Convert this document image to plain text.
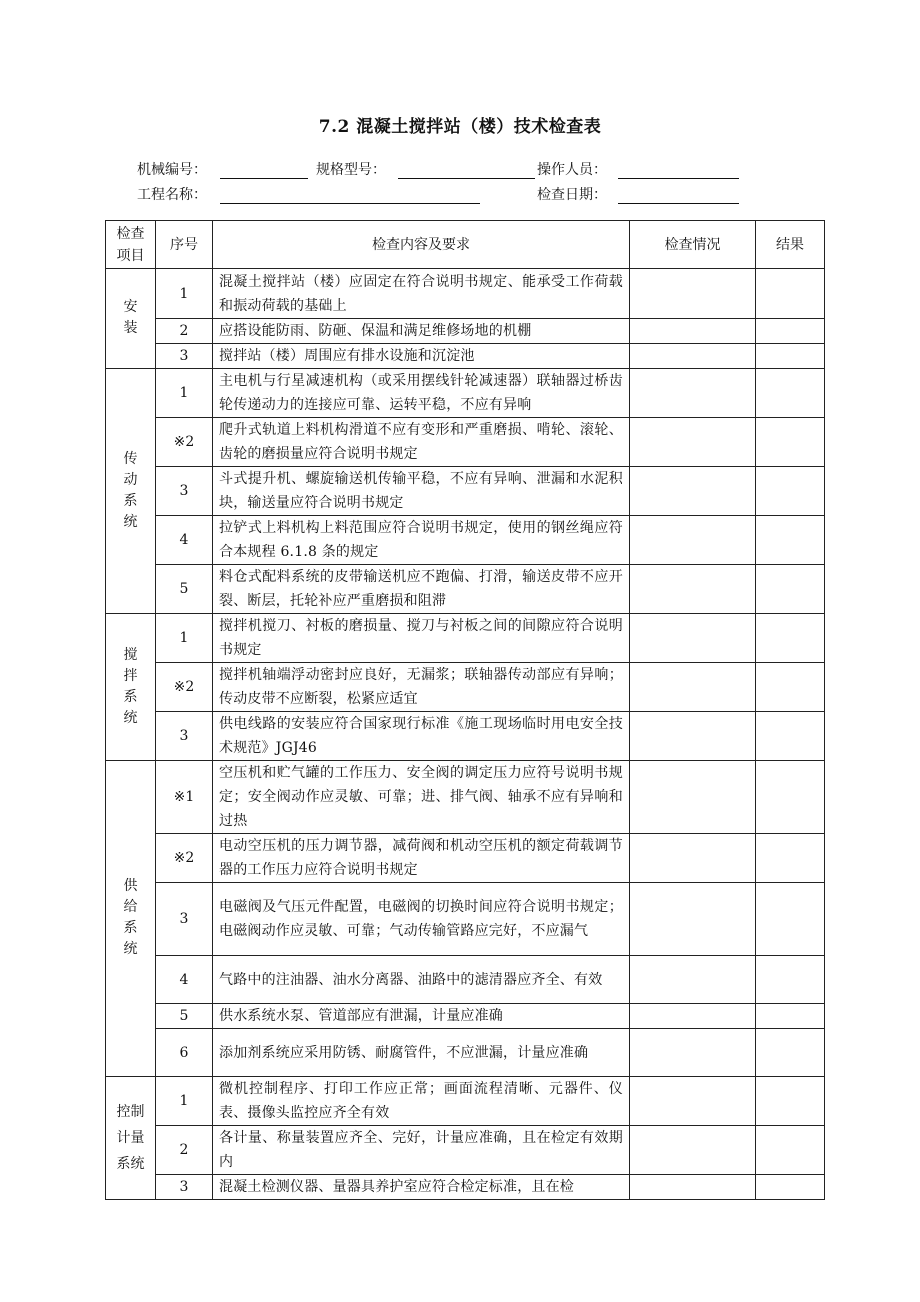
7.2 混凝土搅拌站（楼）技术检查表
机械编号：	规格型号：	操作人员：
工程名称：	检查日期：
检查项目	序号	检查内容及要求	检查情况	结果
安装	1	混凝土搅拌站（楼）应固定在符合说明书规定、能承受工作荷载和振动荷载的基础上		
	2	应搭设能防雨、防砸、保温和满足维修场地的机棚		
	3	搅拌站（楼）周围应有排水设施和沉淀池		
传动系统	1	主电机与行星减速机构（或采用摆线针轮减速器）联轴器过桥齿轮传递动力的连接应可靠、运转平稳，不应有异响		
	※2	爬升式轨道上料机构滑道不应有变形和严重磨损、啃轮、滚轮、齿轮的磨损量应符合说明书规定		
	3	斗式提升机、螺旋输送机传输平稳，不应有异响、泄漏和水泥积块，输送量应符合说明书规定		
	4	拉铲式上料机构上料范围应符合说明书规定，使用的钢丝绳应符合本规程 6.1.8 条的规定		
	5	料仓式配料系统的皮带输送机应不跑偏、打滑，输送皮带不应开裂、断层，托轮补应严重磨损和阻滞		
搅拌系统	1	搅拌机搅刀、衬板的磨损量、搅刀与衬板之间的间隙应符合说明书规定		
	※2	搅拌机轴端浮动密封应良好，无漏浆；联轴器传动部应有异响；传动皮带不应断裂，松紧应适宜		
	3	供电线路的安装应符合国家现行标准《施工现场临时用电安全技术规范》JGJ46		
供给系统	※1	空压机和贮气罐的工作压力、安全阀的调定压力应符号说明书规定；安全阀动作应灵敏、可靠；进、排气阀、轴承不应有异响和过热		
	※2	电动空压机的压力调节器，减荷阀和机动空压机的额定荷载调节器的工作压力应符合说明书规定		
	3	电磁阀及气压元件配置，电磁阀的切换时间应符合说明书规定；电磁阀动作应灵敏、可靠；气动传输管路应完好，不应漏气		
	4	气路中的注油器、油水分离器、油路中的滤清器应齐全、有效		
	5	供水系统水泵、管道部应有泄漏，计量应准确		
	6	添加剂系统应采用防锈、耐腐管件，不应泄漏，计量应准确		
控制计量系统	1	微机控制程序、打印工作应正常；画面流程清晰、元器件、仪表、摄像头监控应齐全有效		
	2	各计量、称量装置应齐全、完好，计量应准确，且在检定有效期内		
	3	混凝土检测仪器、量器具养护室应符合检定标准，且在检		
